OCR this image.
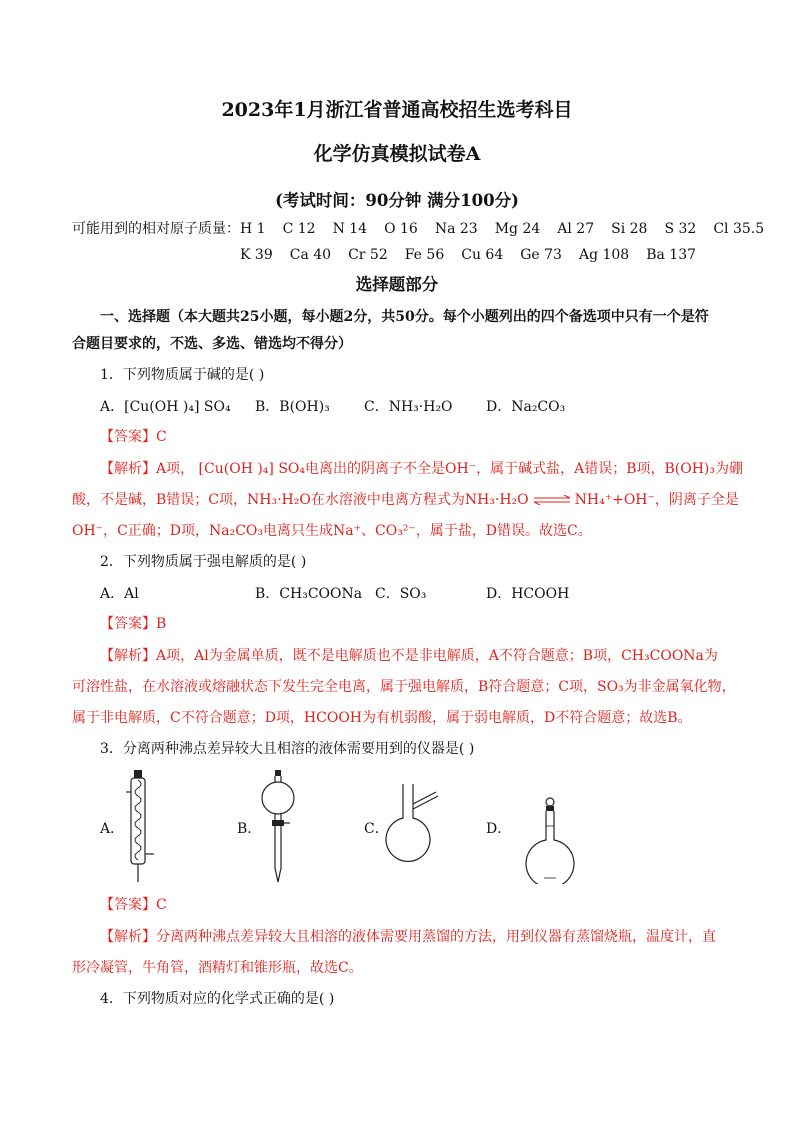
2023年1月浙江省普通高校招生选考科目
化学仿真模拟试卷A
(考试时间：90分钟 满分100分)
可能用到的相对原子质量： H 1 C 12 N 14 O 16 Na 23 Mg 24 Al 27 Si 28 S 32 Cl 35.5
K 39 Ca 40 Cr 52 Fe 56 Cu 64 Ge 73 Ag 108 Ba 137
选择题部分
一、选择题（本大题共25小题，每小题2分，共50分。每个小题列出的四个备选项中只有一个是符
合题目要求的，不选、多选、错选均不得分）
1．下列物质属于碱的是( )
A．[Cu(OH )₄] SO₄ B．B(OH)₃ C．NH₃·H₂O D．Na₂CO₃
【答案】C
【解析】A项， [Cu(OH )₄] SO₄电离出的阴离子不全是OH⁻，属于碱式盐，A错误；B项，B(OH)₃为硼
酸，不是碱，B错误；C项，NH₃·H₂O在水溶液中电离方程式为NH₃·H₂O ⇌ NH₄⁺+OH⁻，阴离子全是
OH⁻，C正确；D项，Na₂CO₃电离只生成Na⁺、CO₃²⁻，属于盐，D错误。故选C。
2．下列物质属于强电解质的是( )
A．Al	B．CH₃COONa C．SO₃	D．HCOOH
【答案】B
【解析】A项，Al为金属单质，既不是电解质也不是非电解质，A不符合题意；B项，CH₃COONa为
可溶性盐，在水溶液或熔融状态下发生完全电离，属于强电解质，B符合题意；C项，SO₃为非金属氧化物，
属于非电解质，C不符合题意；D项，HCOOH为有机弱酸，属于弱电解质，D不符合题意；故选B。
3．分离两种沸点差异较大且相溶的液体需要用到的仪器是( )
A．	B．	C．	D．
【答案】C
【解析】分离两种沸点差异较大且相溶的液体需要用蒸馏的方法，用到仪器有蒸馏烧瓶，温度计，直
形冷凝管，牛角管，酒精灯和锥形瓶，故选C。
4．下列物质对应的化学式正确的是( )
